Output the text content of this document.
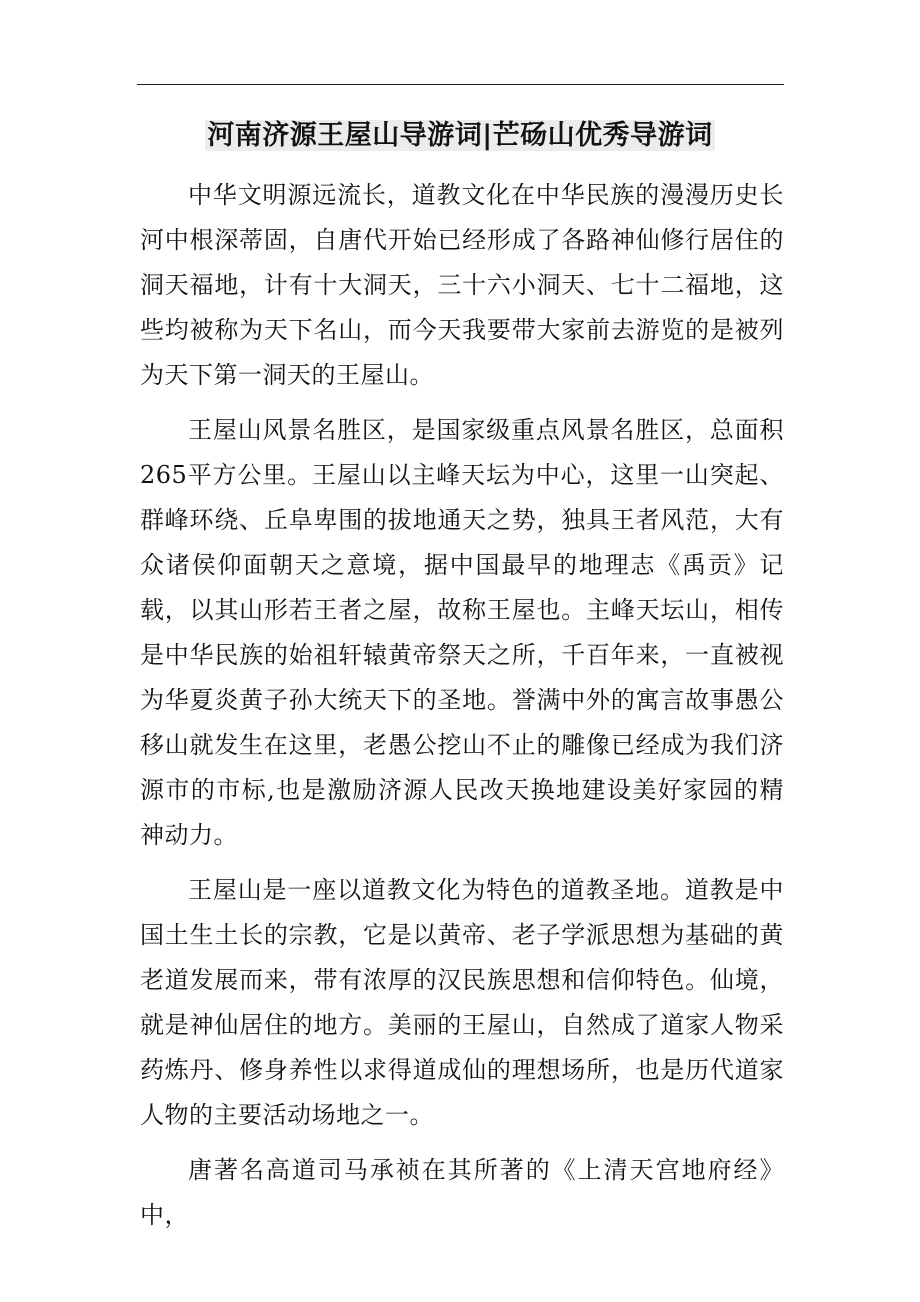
河南济源王屋山导游词|芒砀山优秀导游词

中华文明源远流长，道教文化在中华民族的漫漫历史长河中根深蒂固，自唐代开始已经形成了各路神仙修行居住的洞天福地，计有十大洞天，三十六小洞天、七十二福地，这些均被称为天下名山，而今天我要带大家前去游览的是被列为天下第一洞天的王屋山。

王屋山风景名胜区，是国家级重点风景名胜区，总面积265平方公里。王屋山以主峰天坛为中心，这里一山突起、群峰环绕、丘阜卑围的拔地通天之势，独具王者风范，大有众诸侯仰面朝天之意境，据中国最早的地理志《禹贡》记载，以其山形若王者之屋，故称王屋也。主峰天坛山，相传是中华民族的始祖轩辕黄帝祭天之所，千百年来，一直被视为华夏炎黄子孙大统天下的圣地。誉满中外的寓言故事愚公移山就发生在这里，老愚公挖山不止的雕像已经成为我们济源市的市标,也是激励济源人民改天换地建设美好家园的精神动力。

王屋山是一座以道教文化为特色的道教圣地。道教是中国土生土长的宗教，它是以黄帝、老子学派思想为基础的黄老道发展而来，带有浓厚的汉民族思想和信仰特色。仙境，就是神仙居住的地方。美丽的王屋山，自然成了道家人物采药炼丹、修身养性以求得道成仙的理想场所，也是历代道家人物的主要活动场地之一。

唐著名高道司马承祯在其所著的《上清天宫地府经》中，
